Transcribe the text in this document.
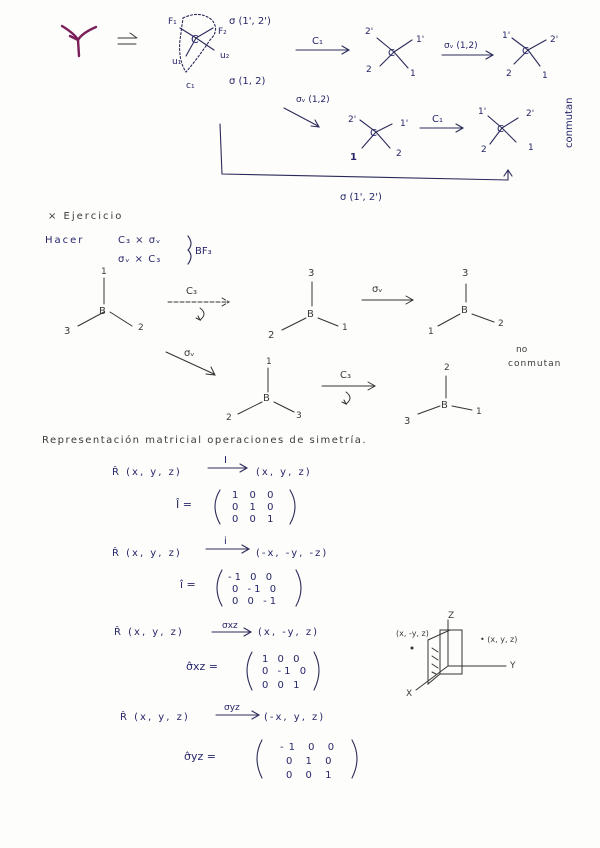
C
F₁
F₂
u₁
u₂
c₁
σ (1', 2')
σ (1, 2)
C₁
C
2'
1'
2	1
σᵥ (1,2)	C
1'	2'
2	1
conmutan
σᵥ (1,2)
C
2'	1'
1	2
C₁
C
1'	2'
2	1
σ (1', 2')
× Ejercicio
Hacer	C₃ × σᵥ
σᵥ × C₃
BF₃
B
1
3	2
C₃
B
3
2
1
σᵥ
B
3
1
2
no
conmutan
σᵥ
B
1
2	3
C₃
B
2
3
1
Representación matricial operaciones de simetría.
R̂ (x, y, z)
I
(x, y, z)
Î =
1 0 0
0 1 0
0 0 1
R̂ (x, y, z)
i
(-x, -y, -z)
î =
-1 0 0
0 -1 0
0 0 -1
R̂ (x, y, z)
σxz
(x, -y, z)
σ̂xz =
1 0 0
0 -1 0
0 0 1
R̂ (x, y, z)
σyz
(-x, y, z)
σ̂yz =
-1 0 0
0 1 0
0 0 1
Z
Y
X
(x, -y, z)
• (x, y, z)
